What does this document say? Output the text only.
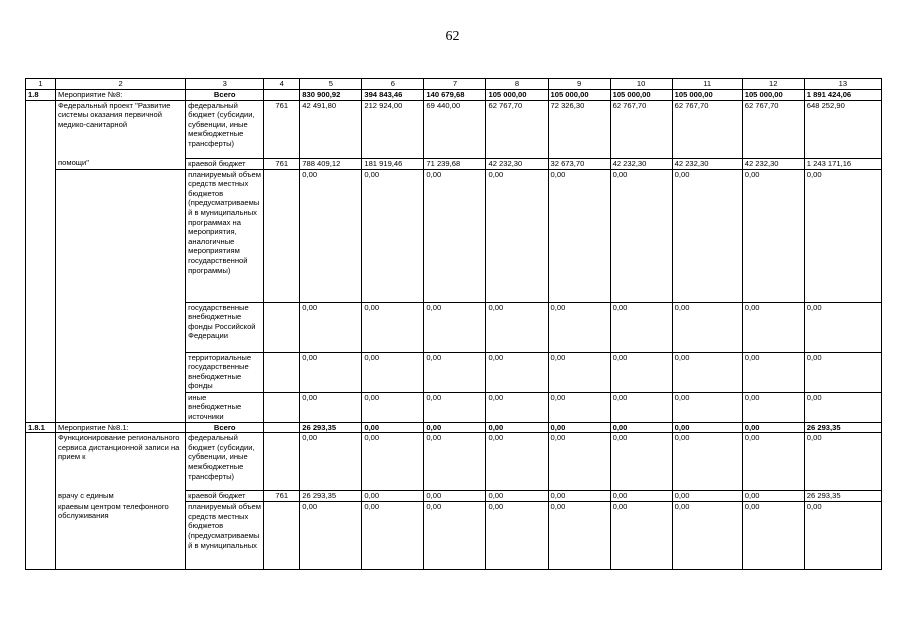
62
1	2	3	4	5	6	7	8	9	10	11	12	13
1.8	Мероприятие №8:	Всего		830 900,92	394 843,46	140 679,68	105 000,00	105 000,00	105 000,00	105 000,00	105 000,00	1 891 424,06
	Федеральный проект "Развитие системы оказания первичной медико-санитарной	федеральный бюджет (субсидии, субвенции, иные межбюджетные трансферты)	761	42 491,80	212 924,00	69 440,00	62 767,70	72 326,30	62 767,70	62 767,70	62 767,70	648 252,90
	помощи"	краевой бюджет	761	788 409,12	181 919,46	71 239,68	42 232,30	32 673,70	42 232,30	42 232,30	42 232,30	1 243 171,16
		планируемый объем средств местных бюджетов (предусматриваемый в муниципальных программах на мероприятия, аналогичные мероприятиям государственной программы)		0,00	0,00	0,00	0,00	0,00	0,00	0,00	0,00	0,00
		государственные внебюджетные фонды Российской Федерации		0,00	0,00	0,00	0,00	0,00	0,00	0,00	0,00	0,00
		территориальные государственные внебюджетные фонды		0,00	0,00	0,00	0,00	0,00	0,00	0,00	0,00	0,00
		иные внебюджетные источники		0,00	0,00	0,00	0,00	0,00	0,00	0,00	0,00	0,00
1.8.1	Мероприятие №8.1:	Всего		26 293,35	0,00	0,00	0,00	0,00	0,00	0,00	0,00	26 293,35
	Функционирование регионального сервиса дистанционной записи на прием к	федеральный бюджет (субсидии, субвенции, иные межбюджетные трансферты)		0,00	0,00	0,00	0,00	0,00	0,00	0,00	0,00	0,00
	врачу с единым	краевой бюджет	761	26 293,35	0,00	0,00	0,00	0,00	0,00	0,00	0,00	26 293,35
	краевым центром телефонного обслуживания	планируемый объем средств местных бюджетов (предусматриваемый в муниципальных		0,00	0,00	0,00	0,00	0,00	0,00	0,00	0,00	0,00
